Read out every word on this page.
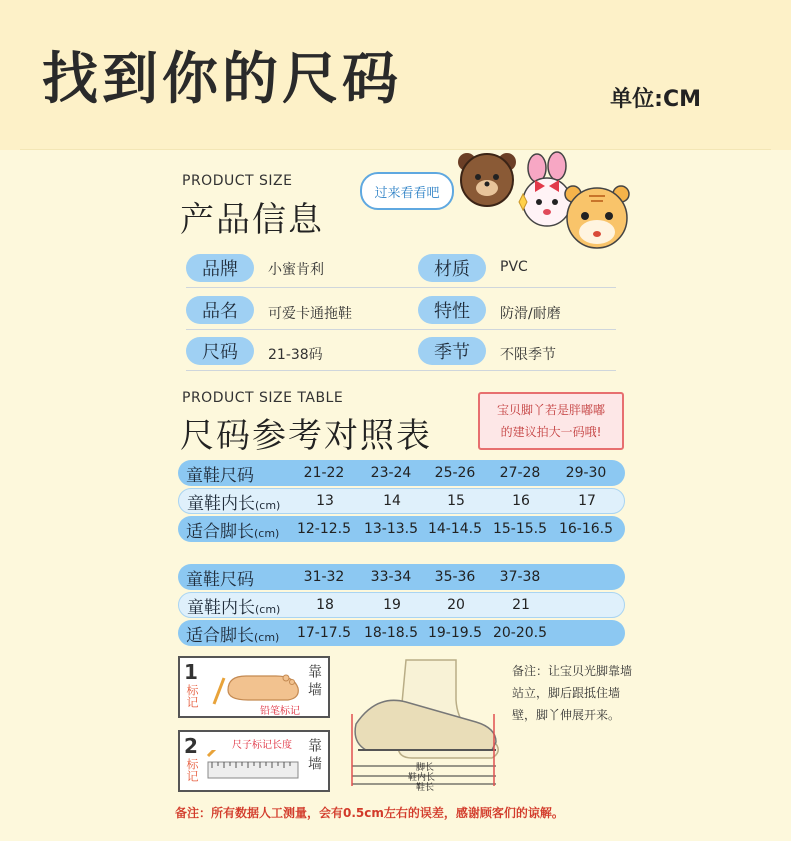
找到你的尺码	单位:CM
PRODUCT SIZE
产品信息
过来看看吧
品牌	小蜜肯利	材质	PVC
品名	可爱卡通拖鞋	特性	防滑/耐磨
尺码	21-38码	季节	不限季节
PRODUCT SIZE TABLE
尺码参考对照表
宝贝脚丫若是胖嘟嘟
的建议拍大一码哦!
童鞋尺码	21-22	23-24	25-26	27-28	29-30
童鞋内长(cm)	13	14	15	16	17
适合脚长(cm)	12-12.5 13-13.5 14-14.5 15-15.5 16-16.5
童鞋尺码	31-32	33-34	35-36	37-38
童鞋内长(cm)	18	19	20	21
适合脚长(cm)	17-17.5 18-18.5 19-19.5 20-20.5
1
标记
铅笔标记
靠墙
2
标记
尺子标记长度 靠墙	脚长
鞋内长
鞋长
备注：让宝贝光脚靠墙站立，脚后跟抵住墙壁，脚丫伸展开来。
备注：所有数据人工测量，会有0.5cm左右的误差，感谢顾客们的谅解。
